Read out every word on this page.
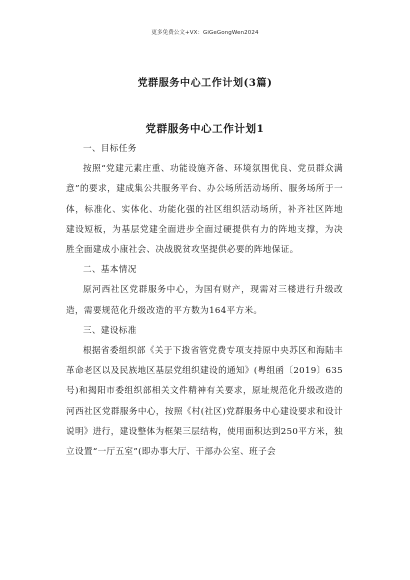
更多免费公文+VX：GiGeGongWen2024
党群服务中心工作计划(3篇)
党群服务中心工作计划1

一、目标任务

按照“党建元素庄重、功能设施齐备、环境氛围优良、党员群众满意”的要求，建成集公共服务平台、办公场所活动场所、服务场所于一体，标准化、实体化、功能化强的社区组织活动场所，补齐社区阵地建设短板，为基层党建全面进步全面过硬提供有力的阵地支撑，为决胜全面建成小康社会、决战脱贫攻坚提供必要的阵地保证。

二、基本情况

原河西社区党群服务中心，为国有财产，现需对三楼进行升级改造，需要规范化升级改造的平方数为164平方米。

三、建设标准

根据省委组织部《关于下拨省管党费专项支持原中央苏区和海陆丰革命老区以及民族地区基层党组织建设的通知》(粤组函〔2019〕635号)和揭阳市委组织部相关文件精神有关要求，原址规范化升级改造的河西社区党群服务中心，按照《村(社区)党群服务中心建设要求和设计说明》进行，建设整体为框架三层结构，使用面积达到250平方米，独立设置“一厅五室”(即办事大厅、干部办公室、班子会
